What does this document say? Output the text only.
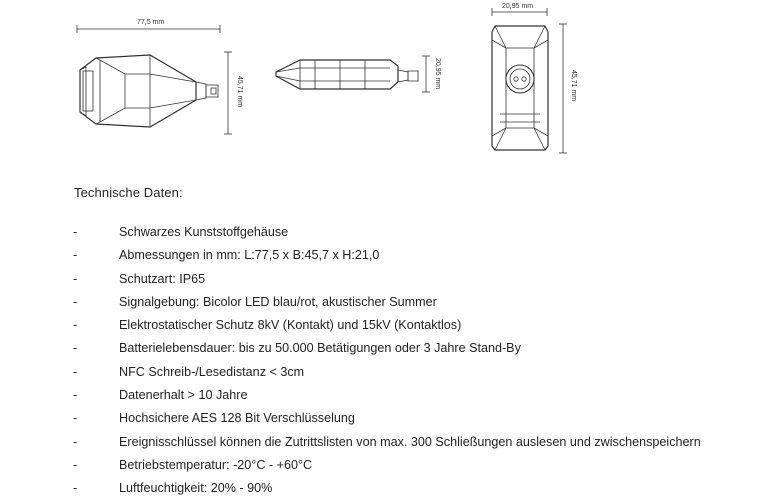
77,5 mm
45,71 mm
20,95 mm
20,95 mm
45,71 mm
Technische Daten:
-	Schwarzes Kunststoffgehäuse
-	Abmessungen in mm: L:77,5 x B:45,7 x H:21,0
-	Schutzart: IP65
-	Signalgebung: Bicolor LED blau/rot, akustischer Summer
-	Elektrostatischer Schutz 8kV (Kontakt) und 15kV (Kontaktlos)
-	Batterielebensdauer: bis zu 50.000 Betätigungen oder 3 Jahre Stand-By
-	NFC Schreib-/Lesedistanz < 3cm
-	Datenerhalt > 10 Jahre
-	Hochsichere AES 128 Bit Verschlüsselung
-	Ereignisschlüssel können die Zutrittslisten von max. 300 Schließungen auslesen und zwischenspeichern
-	Betriebstemperatur: -20°C - +60°C
-	Luftfeuchtigkeit: 20% - 90%
